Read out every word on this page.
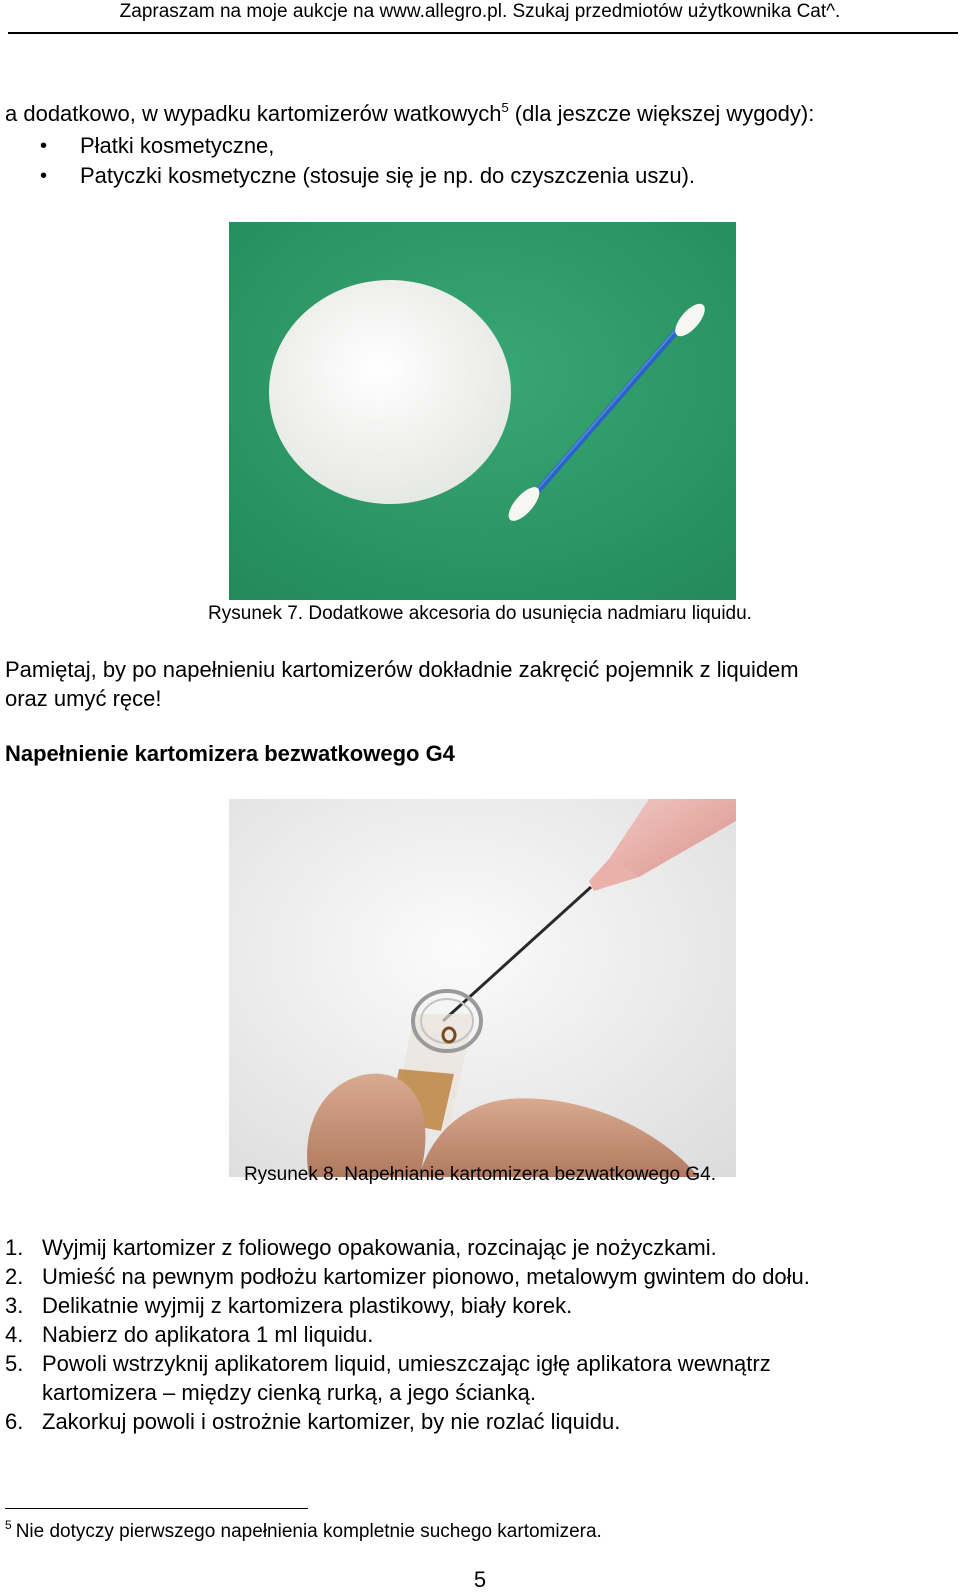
Zapraszam na moje aukcje na www.allegro.pl. Szukaj przedmiotów użytkownika Cat^.
a dodatkowo, w wypadku kartomizerów watkowych$^5$ (dla jeszcze większej wygody):
• Płatki kosmetyczne,
• Patyczki kosmetyczne (stosuje się je np. do czyszczenia uszu).
Rysunek 7. Dodatkowe akcesoria do usunięcia nadmiaru liquidu.
Pamiętaj, by po napełnieniu kartomizerów dokładnie zakręcić pojemnik z liquidem
oraz umyć ręce!
Napełnienie kartomizera bezwatkowego G4
Rysunek 8. Napełnianie kartomizera bezwatkowego G4.
1. Wyjmij kartomizer z foliowego opakowania, rozcinając je nożyczkami.
2. Umieść na pewnym podłożu kartomizer pionowo, metalowym gwintem do dołu.
3. Delikatnie wyjmij z kartomizera plastikowy, biały korek.
4. Nabierz do aplikatora 1 ml liquidu.
5. Powoli wstrzyknij aplikatorem liquid, umieszczając igłę aplikatora wewnątrz kartomizera – między cienką rurką, a jego ścianką.
6. Zakorkuj powoli i ostrożnie kartomizer, by nie rozlać liquidu.
$^5$ Nie dotyczy pierwszego napełnienia kompletnie suchego kartomizera.
5
